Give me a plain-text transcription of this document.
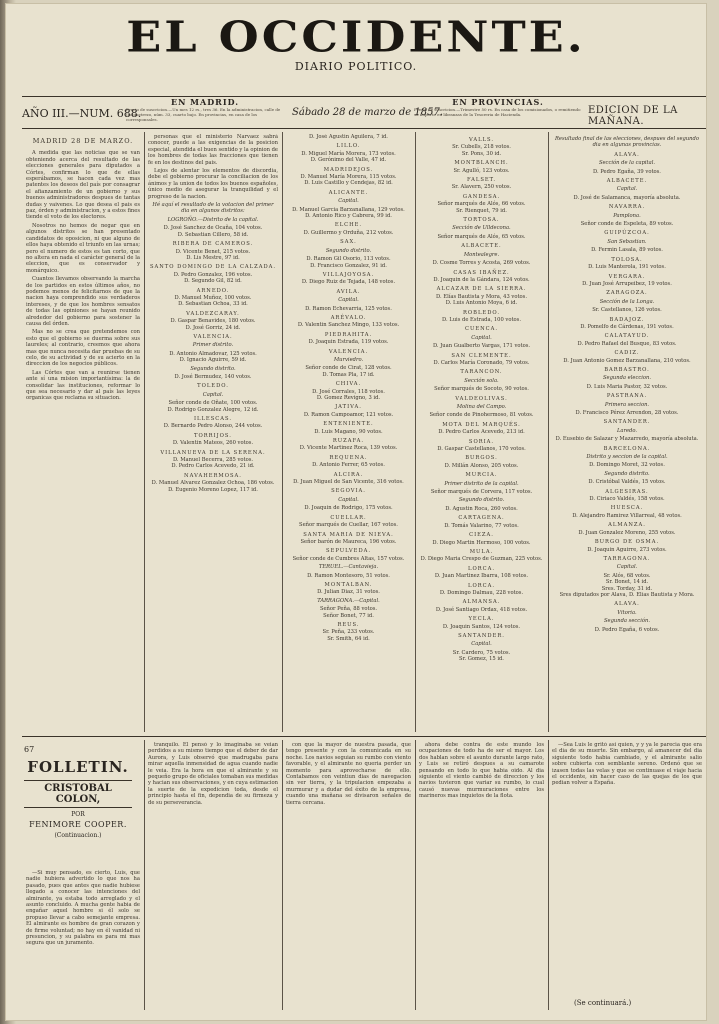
EL OCCIDENTE.
DIARIO POLITICO.
AÑO III.—NUM. 688.
EN MADRID.
Precio de suscricion.—Un mes 12 rs., tres 36. En la administracion, calle de Jacometrezo, núm. 33, cuarto bajo. En provincias, en casa de los corresponsales.
Sábado 28 de marzo de 1857.
EN PROVINCIAS.
Precio de suscricion.—Trimestre 50 rs. En casa de los comisionados, o remitiendo su importe en libranzas de la Tesoreria de Hacienda.	EDICION DE LA MAÑANA.
MADRID 28 DE MARZO.

A medida que las noticias que se van obteniendo acerca del resultado de las elecciones generales para diputados a Córtes, confirman lo que de ellas esperábamos, se hacen cada vez mas patentes los deseos del país por consagrar el afianzamiento de un gobierno y sus buenos administradores despues de tantas dudas y vaivenes. Lo que desea el pais es paz, órden y administracion, y a estos fines tiende el voto de los electores.

Nosotros no hemos de negar que en algunos distritos se han presentado candidatos de oposicion, ni que alguno de ellos haya obtenido el triunfo en las urnas; pero el numero de estos es tan corto, que no altera en nada el carácter general de la eleccion, que es conservador y monárquico.

Cuantos llevamos observando la marcha de los partidos en estos últimos años, no podemos menos de felicitarnos de que la nacion haya comprendido sus verdaderos intereses, y de que los hombres sensatos de todas las opiniones se hayan reunido alrededor del gobierno para sostener la causa del órden.

Mas no se crea que pretendemos con esto que el gobierno se duerma sobre sus laureles; al contrario, creemos que ahora mas que nunca necesita dar pruebas de su celo, de su actividad y de su acierto en la direccion de los negocios públicos.

Las Córtes que van a reunirse tienen ante sí una mision importantísima: la de consolidar las instituciones, reformar lo que sea necesario y dar al país las leyes organicas que reclama su situacion.

personas que el ministerio Narvaez sabrá conocer, puede a las exigencias de la posicion especial, atendida el buen sentido y la opinion de los hombres de todas las fracciones que tienen fe en los destinos del pais.

Lejos de alentar los elementos de discordia, debe el gobierno procurar la conciliacion de los ánimos y la union de todos los buenos españoles, único medio de asegurar la tranquilidad y el progreso de la nacion.

Hé aquí el resultado de la votacion del primer dia en algunos distritos:

LOGROÑO.—Distrito de la capital.
D. José Sanchez de Ocaña, 104 votos.
D. Sebastian Cillero, 58 id.
RIBERA DE CAMEROS.
D. Vicente Benet, 215 votos.
D. Lis Mestre, 97 id.
SANTO DOMINGO DE LA CALZADA.
D. Pedro Gonzalez, 196 votos.
D. Segundo Gil, 82 id.
ARNEDO.
D. Manuel Muñoz, 100 votos.
D. Sebastian Ochoa, 33 id.
VALDEZCARAY.
D. Gaspar Benavides, 180 votos.
D. José Gorriz, 24 id.
VALENCIA.
Primer distrito.
D. Antonio Almadovar, 125 votos.
D. Ignacio Aguirre, 59 id.
Segundo distrito.
D. José Bermudez, 140 votos.
TOLEDO.
Capital.
Señor conde de Oñate, 100 votos.
D. Rodrigo Gonzalez Alegre, 12 id.
ILLESCAS.
D. Bernardo Pedro Alonso, 244 votos.
TORRIJOS.
D. Valentin Mateos, 260 votos.
VILLANUEVA DE LA SERENA.
D. Manuel Becerra, 285 votos.
D. Pedro Carlos Acevedo, 21 id.
NAVAHERMOSA.
D. Manuel Alvarez Gonzalez Ochoa, 186 votos.
D. Eugenio Moreno Lopez, 117 id.
D. José Agustin Aguilera, 7 id.
LILLO.
D. Miguel María Morera, 173 votos.
D. Gerónimo del Valle, 47 id.
MADRIDEJOS.
D. Manuel María Morera, 115 votos.
D. Luis Castillo y Cendejas, 82 id.
ALICANTE.
Capital.
D. Manuel Garcia Barzanallana, 129 votos.
D. Antonio Rico y Cabrera, 99 id.
ELCHE.
D. Guillermo y Orduña, 212 votos.
SAX.
Segundo distrito.
D. Ramon Gil Osorio, 113 votos.
D. Francisco Gonzalez, 91 id.
VILLAJOYOSA.
D. Diego Ruiz de Tejada, 148 votos.
AVILA.
Capital.
D. Ramon Echevarria, 125 votos.
ARÉVALO.
D. Valentin Sanchez Mingo, 133 votos.
PIEDRAHITA.
D. Joaquin Estrada, 119 votos.
VALENCIA.
Murviedro.
Señor conde de Cirat, 128 votos.
D. Tomas Pla, 17 id.
CHIVA.
D. José Corrales, 118 votos.
D. Gomez Revigno, 3 id.
JATIVA.
D. Ramon Campoamor, 121 votos.
ENTENIENTE.
D. Luis Magano, 90 votos.
RUZAFA.
D. Vicente Martinez Roca, 139 votos.
REQUENA.
D. Antonio Ferrer, 65 votos.
ALCIRA.
D. Juan Miguel de San Vicente, 316 votos.
SEGOVIA.
Capital.
D. Joaquin de Rodrigo, 175 votos.
CUELLAR.
Señor marqués de Cuellar, 167 votos.
SANTA MARIA DE NIEVA.
Señor barón de Maureca, 196 votos.
SEPULVEDA.
Señor conde de Cumbres Altas, 157 votos.
TERUEL.—Cantavieja.
D. Ramon Montesoro, 51 votos.
MONTALBAN.
D. Julian Diaz, 31 votos.
TARRAGONA.—Capital.
Señor Peña, 88 votos.
Señor Bonet, 77 id.
REUS.
Sr. Peña, 233 votos.
Sr. Smith, 64 id.
VALLS.
Sr. Cubells, 218 votos.
Sr. Pons, 30 id.
MONTBLANCH.
Sr. Agulló, 123 votos.
FALSET.
Sr. Alavern, 250 votos.
GANDESA.
Señor marqués de Alós, 66 votos.
Sr. Rienquet, 79 id.
TORTOSA.
Sección de Ulldecona.
Señor marqués de Alós, 65 votos.
ALBACETE.
Montealegre.
D. Cosme Torres y Acosta, 269 votos.
CASAS IBAÑEZ.
D. Joaquin de la Gándara, 124 votos.
ALCAZAR DE LA SIERRA.
D. Elías Bautista y Mora, 43 votos.
D. Luis Antonio Moya, 6 id.
ROBLEDO.
D. Luis de Estrada, 100 votos.
CUENCA.
Capital.
D. Juan Gualberto Vargas, 171 votos.
SAN CLEMENTE.
D. Carlos María Coronado, 79 votos.
TARANCON.
Sección sola.
Señor marqués de Socoto, 90 votos.
VALDEOLIVAS.
Molina del Campo.
Señor conde de Pinohermoso, 81 votos.
MOTA DEL MARQUÉS.
D. Pedro Carlos Acevedo, 213 id.
SORIA.
D. Gaspar Castellanos, 170 votos.
BURGOS.
D. Millán Alonso, 205 votos.
MURCIA.
Primer distrito de la capital.
Señor marqués de Corvera, 117 votos.
Segundo distrito.
D. Agustin Roca, 260 votos.
CARTAGENA.
D. Tomás Valarino, 77 votos.
CIEZA.
D. Diego Martin Hermoso, 100 votos.
MULA.
D. Diego Maria Crespo de Guzman, 225 votos.
LORCA.
D. Juan Martinez Ibarra, 108 votos.
LORCA.
D. Domingo Dalmau, 228 votos.
ALMANSA.
D. José Santiago Ordax, 418 votos.
YECLA.
D. Joaquin Santos, 124 votos.
SANTANDER.
Capital.
Sr. Cardero, 75 votos.
Sr. Gomez, 15 id.

Resultado final de las elecciones, despues del segundo dia en algunas provincias.

ALAVA.
Sección de la capital.
D. Pedro Egaña, 39 votos.
ALBACETE.
Capital.
D. José de Salamanca, mayoría absoluta.
NAVARRA.
Pamplona.
Señor conde de Espeleta, 89 votos.
GUIPÚZCOA.
San Sebastian.
D. Fermin Lasala, 89 votos.
TOLOSA.
D. Luis Manterola, 191 votos.
VERGARA.
D. Juan José Arrupeibez, 19 votos.
ZARAGOZA.
Sección de la Longa.
Sr. Castellanos, 126 votos.
BADAJOZ.
D. Pomelfo de Cárdenas, 191 votos.
CALATAYUD.
D. Pedro Rafael del Busque, 83 votos.
CADIZ.
D. Juan Antonio Gomez Barzanallana, 210 votos.
BARBASTRO.
Segunda eleccion.
D. Luis Maria Pastor, 32 votos.
PASTRANA.
Primera seccion.
D. Francisco Pérez Arrendon, 28 votos.
SANTANDER.
Laredo.
D. Eusebio de Salazar y Mazarredo, mayoría absoluta.
BARCELONA.
Distrito y seccion de la capital.
D. Domingo Moret, 32 votos.
Segundo distrito.
D. Cristóbal Valdés, 15 votos.
ALGESIRAS.
D. Ciriaco Valdés, 158 votos.
HUESCA.
D. Alejandro Ramirez Villarreal, 48 votos.
ALMANZA.
D. Juan Gonzalez Moreno, 255 votos.
BURGO DE OSMA.
D. Joaquin Aguirre, 273 votos.
TARRAGONA.
Capital.
Sr. Alós, 68 votos.
Sr. Bonet, 14 id.
Sres. Torday, 31 id.
Sres diputados por Alava, D. Elias Bautista y Mora.
ALAVA.
Vitoria.
Segunda sección.
D. Pedro Egaña, 6 votos.
67
FOLLETIN.
CRISTOBAL COLON,
POR
FENIMORE COOPER.
(Continuacion.)

—Si muy pensado, es cierto, Luis, que nadie hubiera advertido lo que nos ha pasado, pues que antes que nadie hubiese llegado a conocer las intenciones del almirante, ya estaba todo arreglado y el asunto concluido. A mucha gente habia de engañar aquel hombre si él solo se propuso llevar a cabo semejante empresa. El almirante es hombre de gran corazon y de firme voluntad; no hay en él vanidad ni presuncion, y su palabra es para mi mas segura que un juramento.

tranquilo. El pensó y lo imaginaba se veian perdidos a su mismo tiempo que el deber de dar Aurora, y Luis observó que madrugaba para mirar aquella inmensidad de agua cuando nadie le veia. Era la hora en que el almirante y su pequeño grupo de oficiales tomaban sus medidas y hacian sus observaciones, y en cuya estimacion la suerte de la expedicion toda, desde el principio hasta el fin, dependia de su firmeza y de su perseverancia.

con que la mayor de nuestra pasada, que tengo presente y con la comunicada en su noche. Los navios seguian su rumbo con viento favorable, y el almirante no queria perder un momento para aprovecharse de ello. Contabamos con veintiun dias de navegacion sin ver tierra, y la tripulacion empezaba a murmurar y a dudar del éxito de la empresa, cuando una mañana se divisaron señales de tierra cercana.

ahora debe contra de este mundo los ocupaciones de todo ha de ser el mayor. Los dos hablan sobre el asunto durante largo rato, y Luis se retiró despues a su camarote pensando en todo lo que habia oido. Al dia siguiente el viento cambió de direccion y los navios tuvieron que variar su rumbo, lo cual causó nuevas murmuraciones entre los marineros mas inquietos de la flota.

—Sea Luis le gritó asi quien, y y ya le parecia que era el dia de su muerte. Sin embargo, al amanecer del dia siguiente todo habia cambiado, y el almirante salio sobre cubierta con semblante sereno. Ordenó que se izasen todas las velas y que se continuase el viaje hacia el occidente, sin hacer caso de las quejas de los que pedian volver a España.

(Se continuará.)
